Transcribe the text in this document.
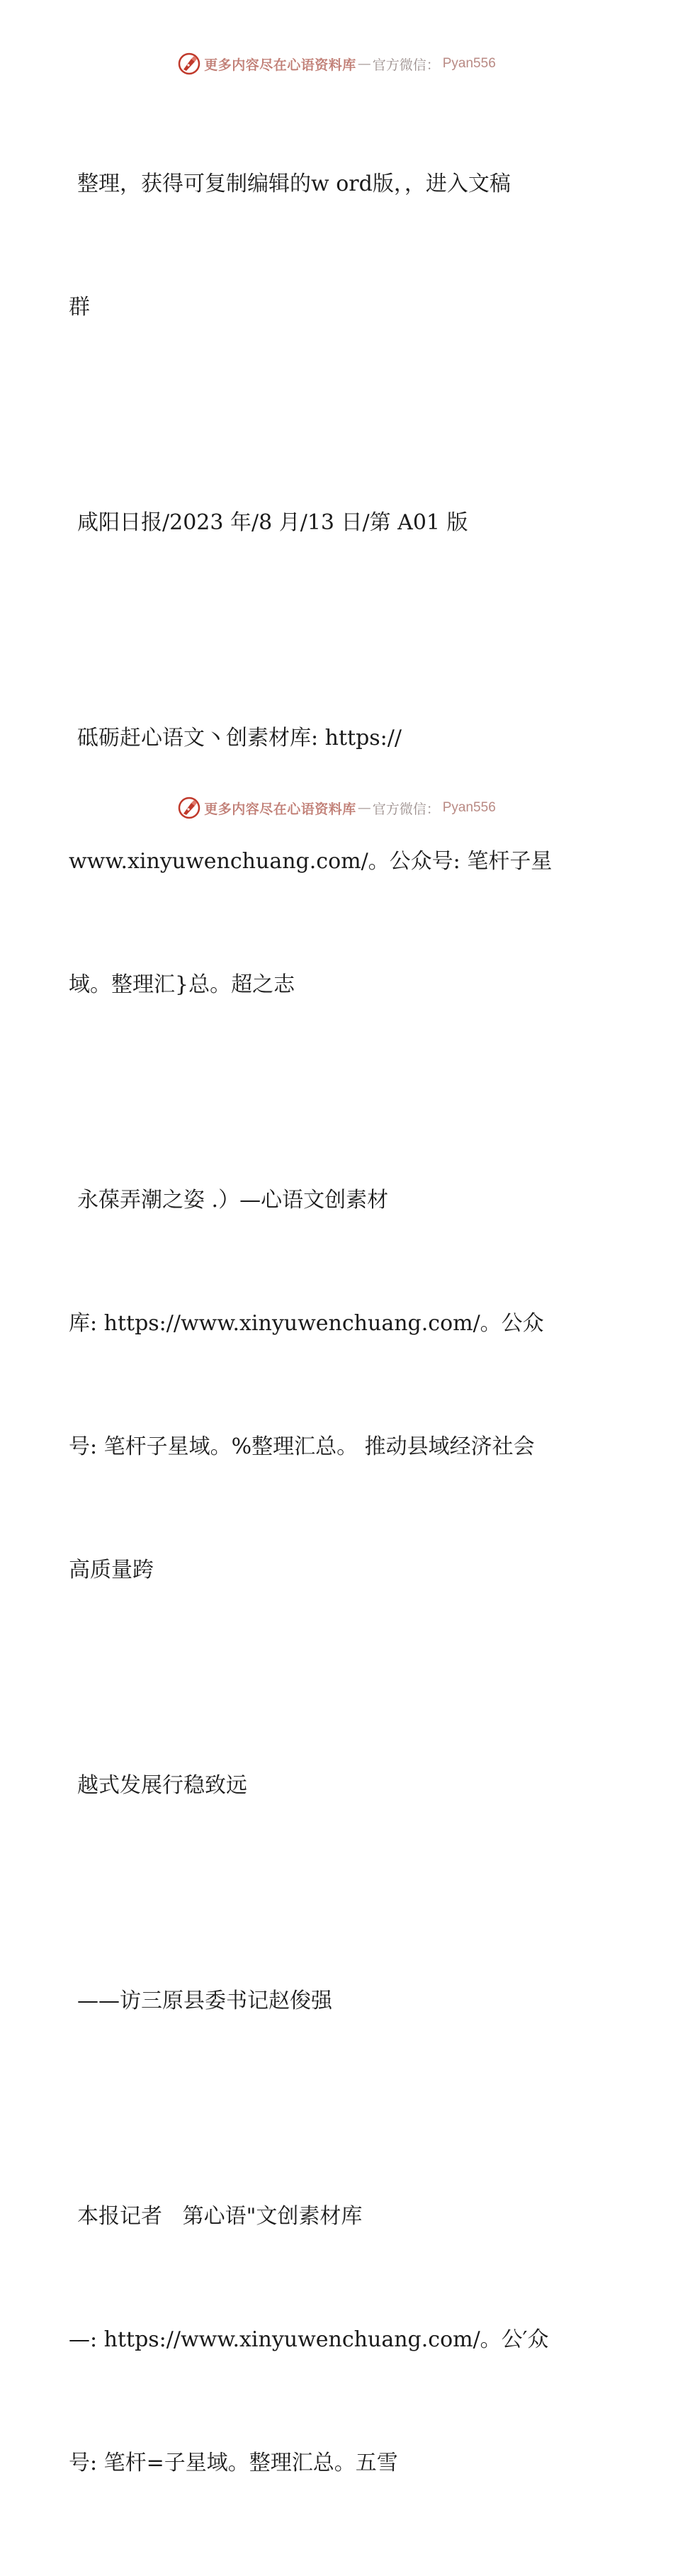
更多内容尽在心语资料库 — 官方微信： Pyan556

整理，获得可复制编辑的w ord版，，进入文稿

群

咸阳日报/2023 年/8 月/13 日/第 A01 版

砥砺赶心语文丶创素材库: https://

www.xinyuwenchuang.com/。公众号: 笔杆子星

域。整理汇}总。超之志

永葆弄潮之姿 .）—心语文创素材

库: https://www.xinyuwenchuang.com/。公众

号: 笔杆子星域。%整理汇总。 推动县域经济社会

高质量跨

越式发展行稳致远

——访三原县委书记赵俊强

本报记者   第心语"文创素材库

—: https://www.xinyuwenchuang.com/。公′众

号: 笔杆=子星域。整理汇总。五雪

更多内容尽在心语资料库 — 官方微信： Pyan556
